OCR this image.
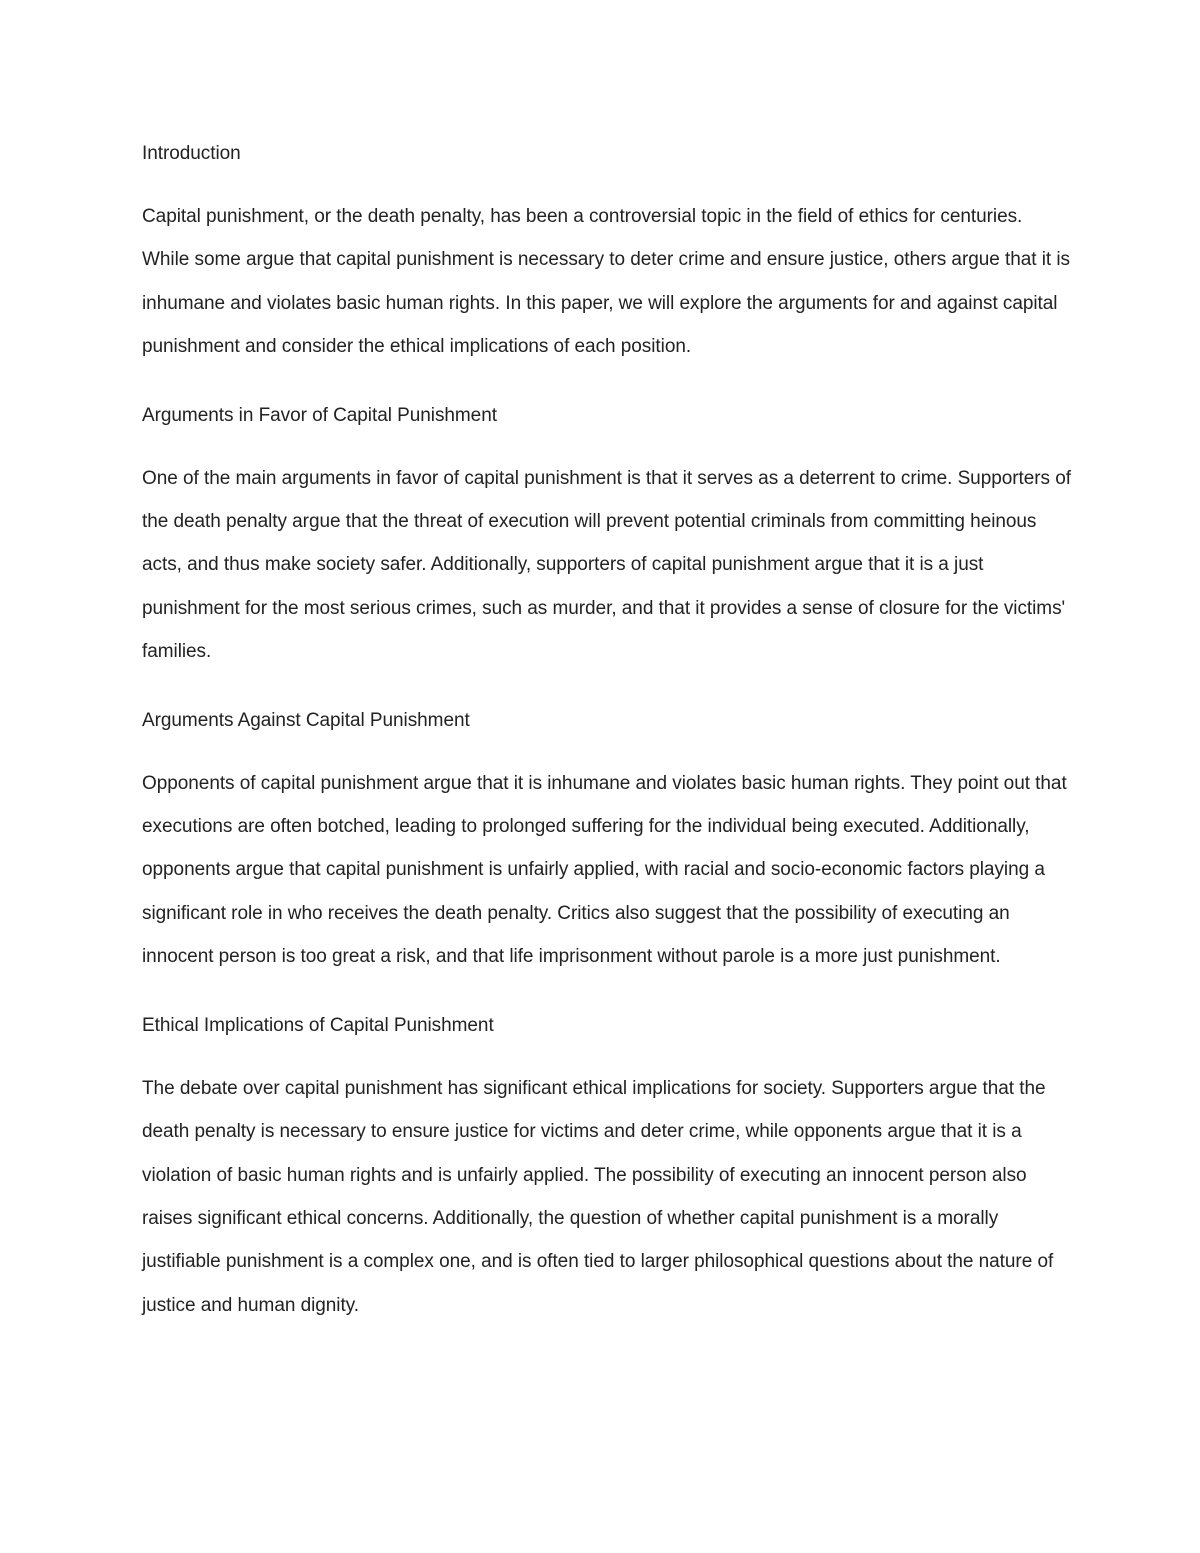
Introduction

Capital punishment, or the death penalty, has been a controversial topic in the field of ethics for centuries. While some argue that capital punishment is necessary to deter crime and ensure justice, others argue that it is inhumane and violates basic human rights. In this paper, we will explore the arguments for and against capital punishment and consider the ethical implications of each position.

Arguments in Favor of Capital Punishment

One of the main arguments in favor of capital punishment is that it serves as a deterrent to crime. Supporters of the death penalty argue that the threat of execution will prevent potential criminals from committing heinous acts, and thus make society safer. Additionally, supporters of capital punishment argue that it is a just punishment for the most serious crimes, such as murder, and that it provides a sense of closure for the victims' families.

Arguments Against Capital Punishment

Opponents of capital punishment argue that it is inhumane and violates basic human rights. They point out that executions are often botched, leading to prolonged suffering for the individual being executed. Additionally, opponents argue that capital punishment is unfairly applied, with racial and socio-economic factors playing a significant role in who receives the death penalty. Critics also suggest that the possibility of executing an innocent person is too great a risk, and that life imprisonment without parole is a more just punishment.

Ethical Implications of Capital Punishment

The debate over capital punishment has significant ethical implications for society. Supporters argue that the death penalty is necessary to ensure justice for victims and deter crime, while opponents argue that it is a violation of basic human rights and is unfairly applied. The possibility of executing an innocent person also raises significant ethical concerns. Additionally, the question of whether capital punishment is a morally justifiable punishment is a complex one, and is often tied to larger philosophical questions about the nature of justice and human dignity.
